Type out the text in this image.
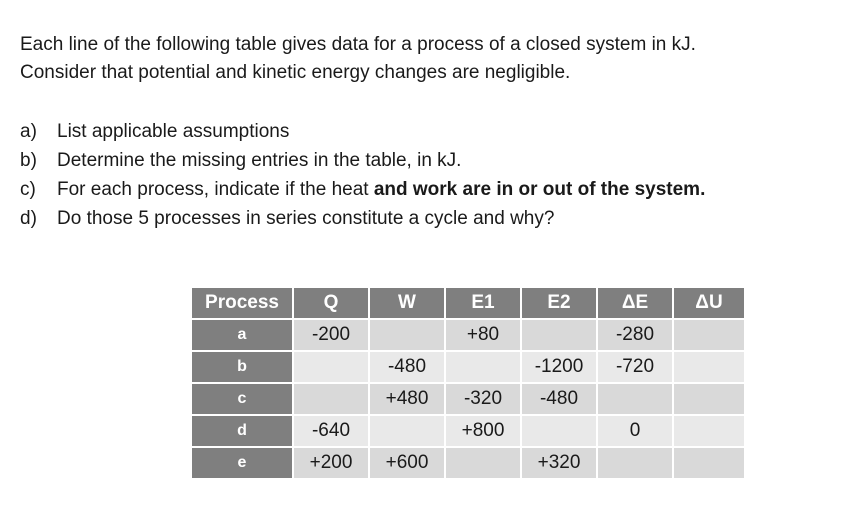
Each line of the following table gives data for a process of a closed system in kJ.

Consider that potential and kinetic energy changes are negligible.

a)	List applicable assumptions
b)	Determine the missing entries in the table, in kJ.
c)	For each process, indicate if the heat and work are in or out of the system.
d)	Do those 5 processes in series constitute a cycle and why?
Process	Q	W	E1	E2	ΔE	ΔU
a	-200		+80		-280	
b		-480		-1200	-720	
c		+480	-320	-480		
d	-640		+800		0	
e	+200	+600		+320		
